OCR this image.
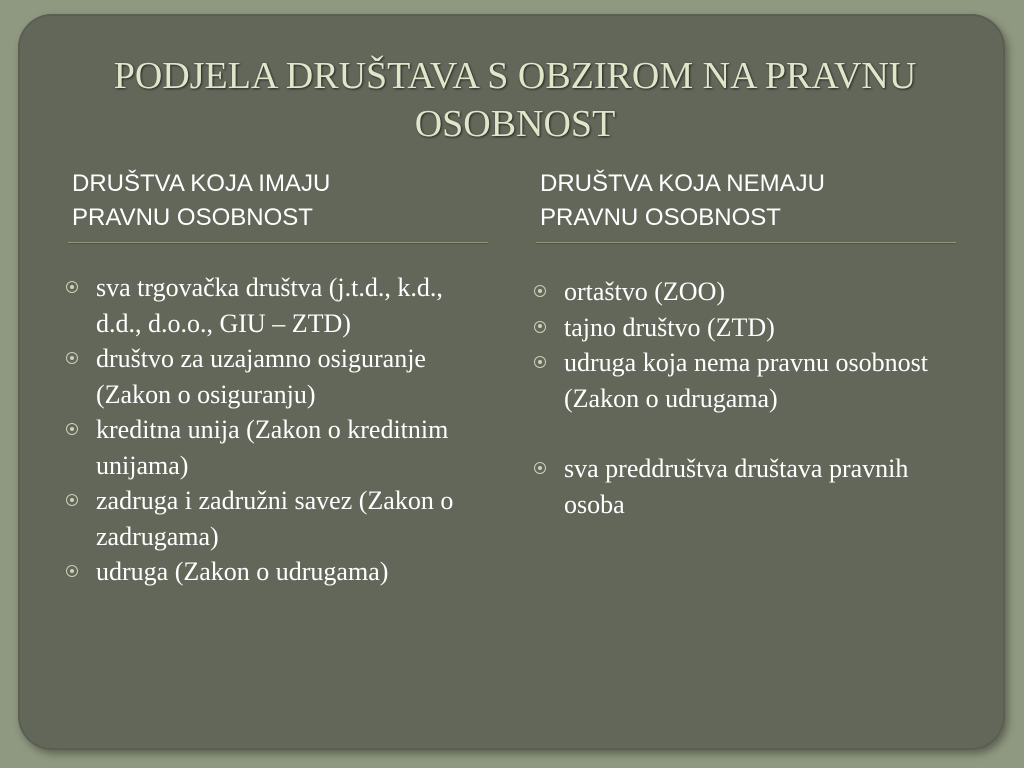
PODJELA DRUŠTAVA S OBZIROM NA PRAVNU
OSOBNOST
DRUŠTVA KOJA IMAJU
PRAVNU OSOBNOST
DRUŠTVA KOJA NEMAJU
PRAVNU OSOBNOST
sva trgovačka društva (j.t.d., k.d., d.d., d.o.o., GIU – ZTD)
društvo za uzajamno osiguranje (Zakon o osiguranju)
kreditna unija (Zakon o kreditnim unijama)
zadruga i zadružni savez (Zakon o zadrugama)
udruga (Zakon o udrugama)
ortaštvo (ZOO)
tajno društvo (ZTD)
udruga koja nema pravnu osobnost (Zakon o udrugama)
sva preddruštva društava pravnih osoba
